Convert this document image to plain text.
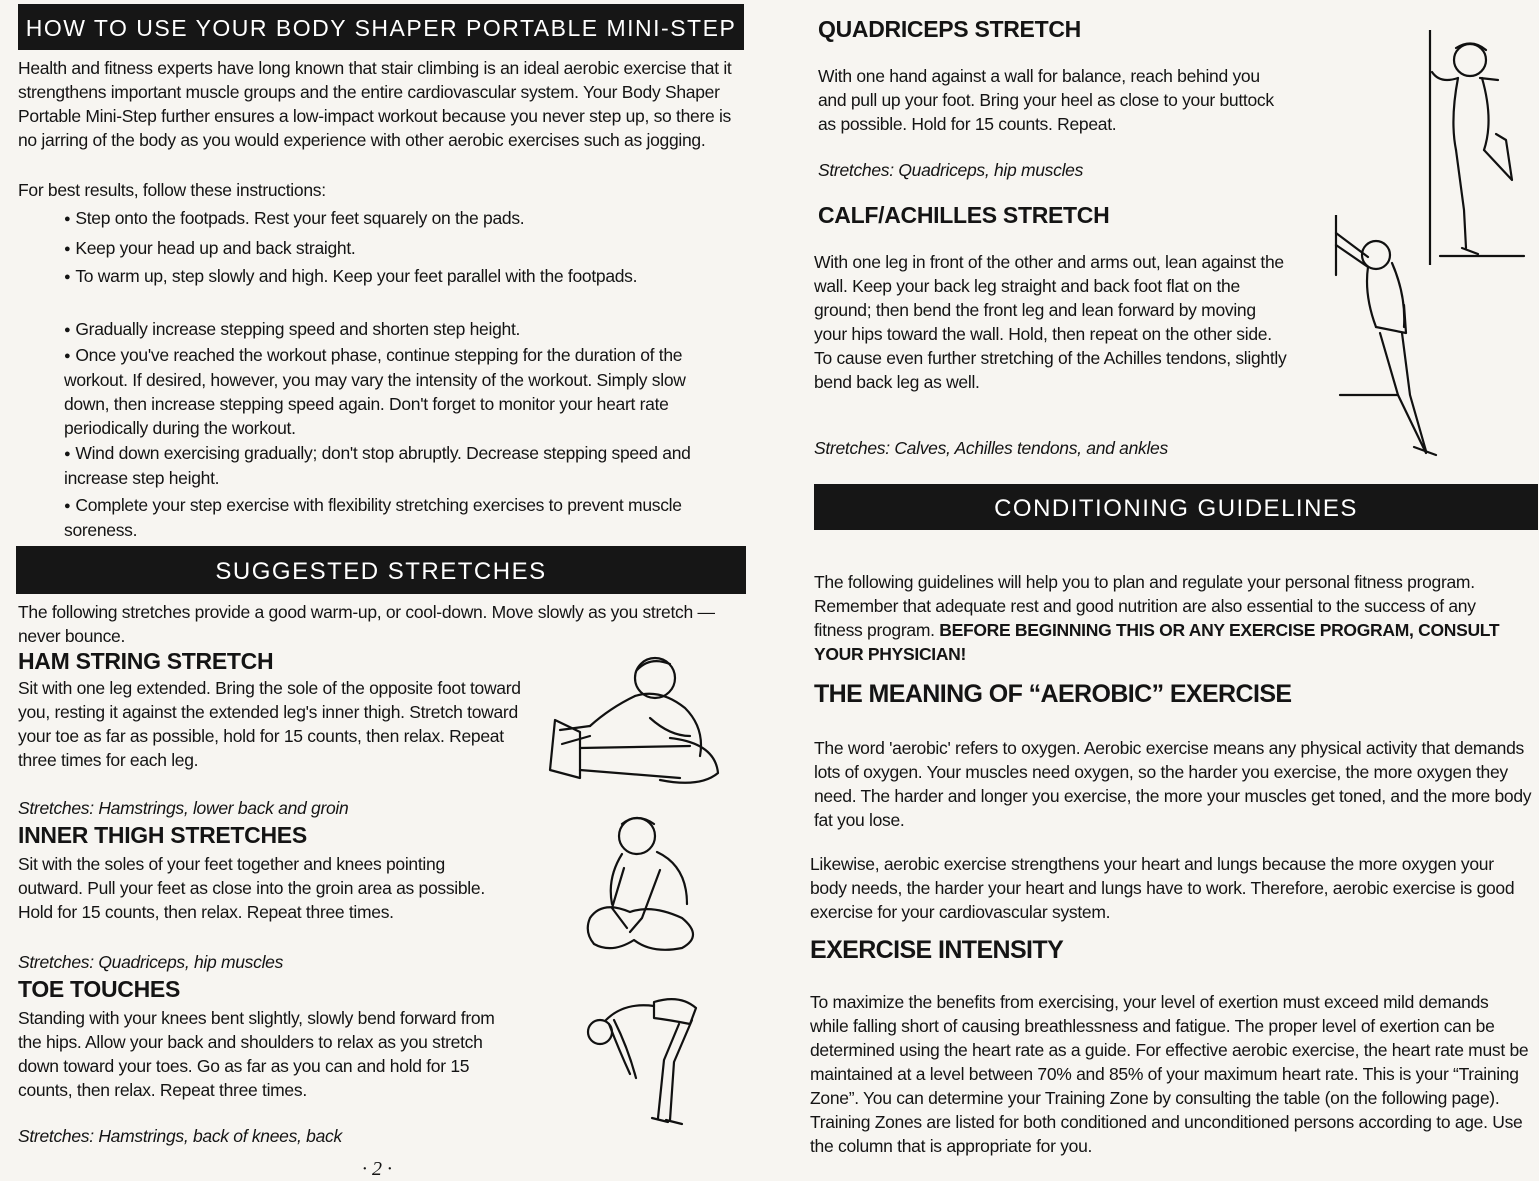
HOW TO USE YOUR BODY SHAPER PORTABLE MINI-STEP

Health and fitness experts have long known that stair climbing is an ideal aerobic exercise that it strengthens important muscle groups and the entire cardiovascular system. Your Body Shaper Portable Mini-Step further ensures a low-impact workout because you never step up, so there is no jarring of the body as you would experience with other aerobic exercises such as jogging.

For best results, follow these instructions:

● Step onto the footpads. Rest your feet squarely on the pads.

● Keep your head up and back straight.

● To warm up, step slowly and high. Keep your feet parallel with the footpads.

● Gradually increase stepping speed and shorten step height.

● Once you've reached the workout phase, continue stepping for the duration of the workout. If desired, however, you may vary the intensity of the workout. Simply slow down, then increase stepping speed again. Don't forget to monitor your heart rate periodically during the workout.

● Wind down exercising gradually; don't stop abruptly. Decrease stepping speed and increase step height.

● Complete your step exercise with flexibility stretching exercises to prevent muscle soreness.

SUGGESTED STRETCHES

The following stretches provide a good warm-up, or cool-down. Move slowly as you stretch — never bounce.

HAM STRING STRETCH

Sit with one leg extended. Bring the sole of the opposite foot toward you, resting it against the extended leg's inner thigh. Stretch toward your toe as far as possible, hold for 15 counts, then relax. Repeat three times for each leg.

Stretches: Hamstrings, lower back and groin

INNER THIGH STRETCHES

Sit with the soles of your feet together and knees pointing outward. Pull your feet as close into the groin area as possible. Hold for 15 counts, then relax. Repeat three times.

Stretches: Quadriceps, hip muscles

TOE TOUCHES

Standing with your knees bent slightly, slowly bend forward from the hips. Allow your back and shoulders to relax as you stretch down toward your toes. Go as far as you can and hold for 15 counts, then relax. Repeat three times.

Stretches: Hamstrings, back of knees, back

· 2 ·
QUADRICEPS STRETCH

With one hand against a wall for balance, reach behind you and pull up your foot. Bring your heel as close to your buttock as possible. Hold for 15 counts. Repeat.

Stretches: Quadriceps, hip muscles

CALF/ACHILLES STRETCH

With one leg in front of the other and arms out, lean against the wall. Keep your back leg straight and back foot flat on the ground; then bend the front leg and lean forward by moving your hips toward the wall. Hold, then repeat on the other side. To cause even further stretching of the Achilles tendons, slightly bend back leg as well.

Stretches: Calves, Achilles tendons, and ankles

CONDITIONING GUIDELINES
The following guidelines will help you to plan and regulate your personal fitness program. Remember that adequate rest and good nutrition are also essential to the success of any fitness program. BEFORE BEGINNING THIS OR ANY EXERCISE PROGRAM, CONSULT YOUR PHYSICIAN!
THE MEANING OF “AEROBIC” EXERCISE

The word 'aerobic' refers to oxygen. Aerobic exercise means any physical activity that demands lots of oxygen. Your muscles need oxygen, so the harder you exercise, the more oxygen they need. The harder and longer you exercise, the more your muscles get toned, and the more body fat you lose.

Likewise, aerobic exercise strengthens your heart and lungs because the more oxygen your body needs, the harder your heart and lungs have to work. Therefore, aerobic exercise is good exercise for your cardiovascular system.

EXERCISE INTENSITY

To maximize the benefits from exercising, your level of exertion must exceed mild demands while falling short of causing breathlessness and fatigue. The proper level of exertion can be determined using the heart rate as a guide. For effective aerobic exercise, the heart rate must be maintained at a level between 70% and 85% of your maximum heart rate. This is your “Training Zone”. You can determine your Training Zone by consulting the table (on the following page). Training Zones are listed for both conditioned and unconditioned persons according to age. Use the column that is appropriate for you.
